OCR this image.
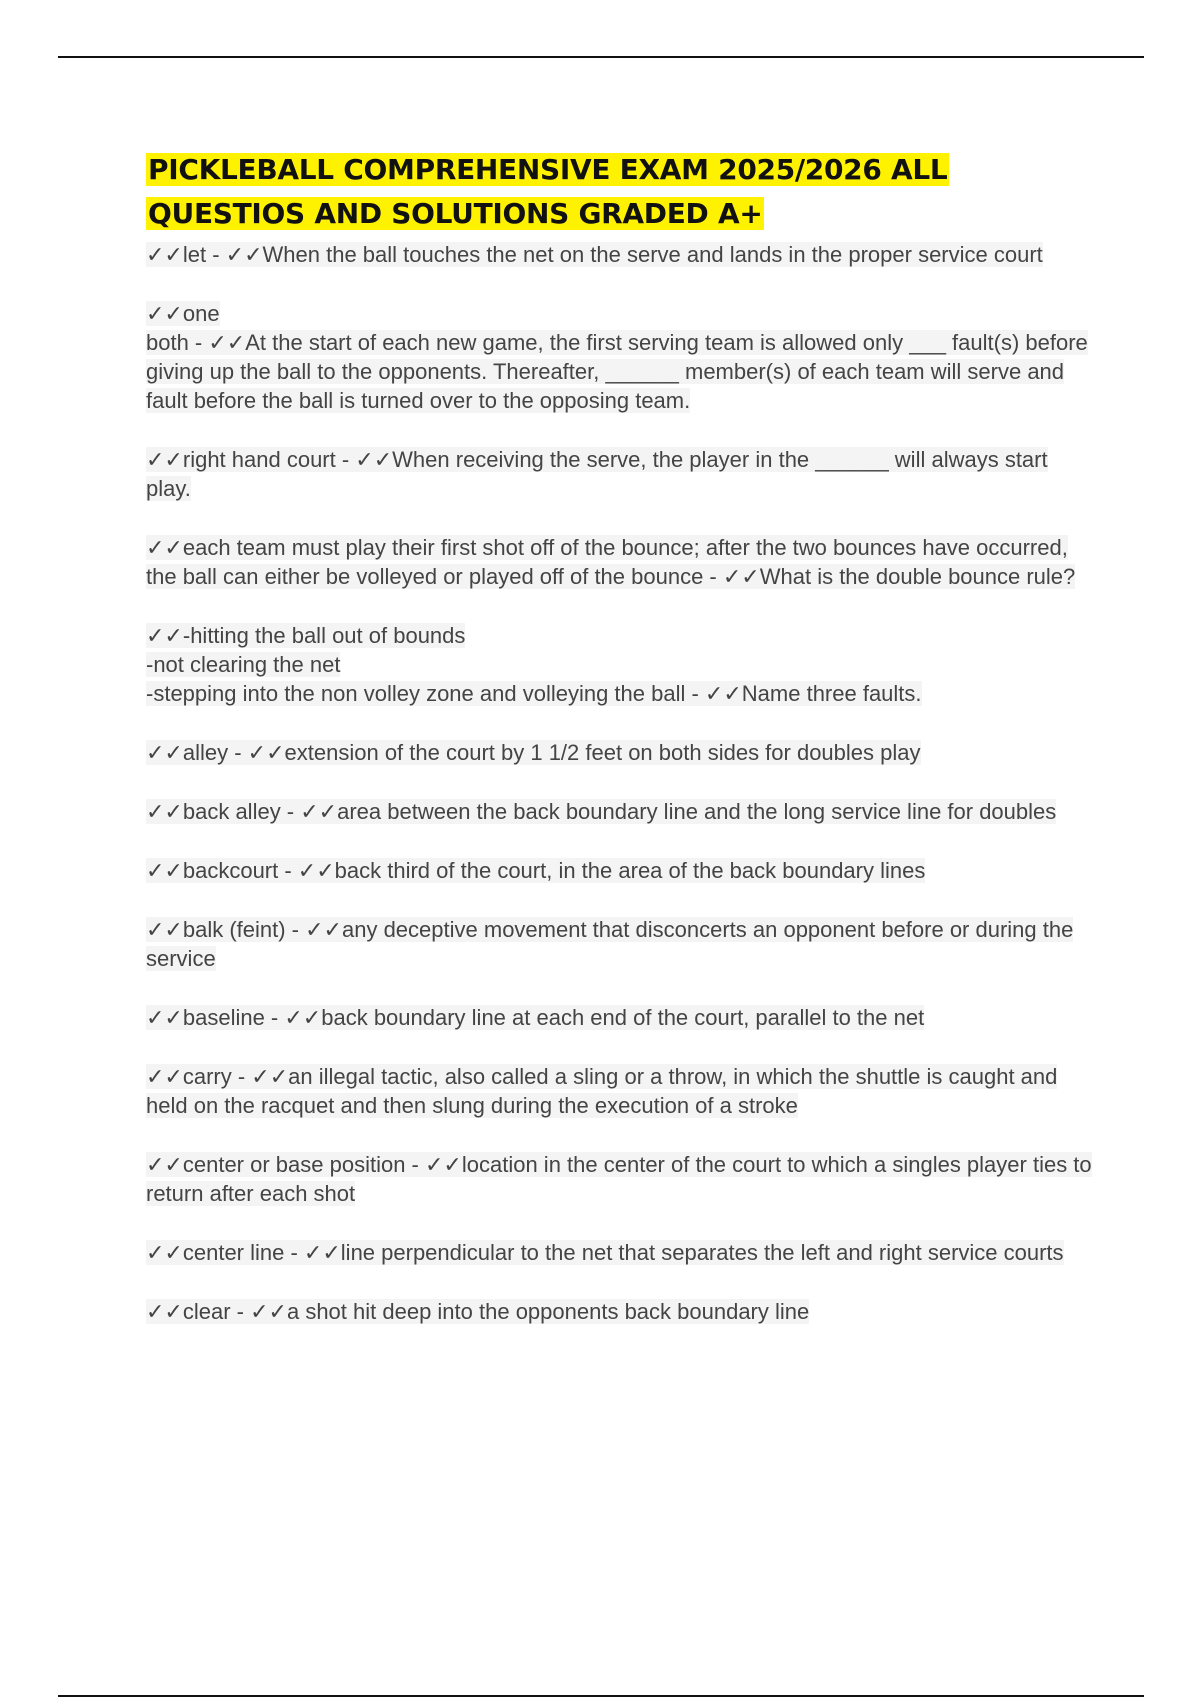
PICKLEBALL COMPREHENSIVE EXAM 2025/2026 ALL QUESTIOS AND SOLUTIONS GRADED A+
✓✓let - ✓✓When the ball touches the net on the serve and lands in the proper service court
✓✓one
both - ✓✓At the start of each new game, the first serving team is allowed only ___ fault(s) before giving up the ball to the opponents. Thereafter, ______ member(s) of each team will serve and fault before the ball is turned over to the opposing team.
✓✓right hand court - ✓✓When receiving the serve, the player in the ______ will always start play.
✓✓each team must play their first shot off of the bounce; after the two bounces have occurred, the ball can either be volleyed or played off of the bounce - ✓✓What is the double bounce rule?
✓✓-hitting the ball out of bounds
-not clearing the net
-stepping into the non volley zone and volleying the ball - ✓✓Name three faults.
✓✓alley - ✓✓extension of the court by 1 1/2 feet on both sides for doubles play
✓✓back alley - ✓✓area between the back boundary line and the long service line for doubles
✓✓backcourt - ✓✓back third of the court, in the area of the back boundary lines
✓✓balk (feint) - ✓✓any deceptive movement that disconcerts an opponent before or during the service
✓✓baseline - ✓✓back boundary line at each end of the court, parallel to the net
✓✓carry - ✓✓an illegal tactic, also called a sling or a throw, in which the shuttle is caught and held on the racquet and then slung during the execution of a stroke
✓✓center or base position - ✓✓location in the center of the court to which a singles player ties to return after each shot
✓✓center line - ✓✓line perpendicular to the net that separates the left and right service courts
✓✓clear - ✓✓a shot hit deep into the opponents back boundary line
